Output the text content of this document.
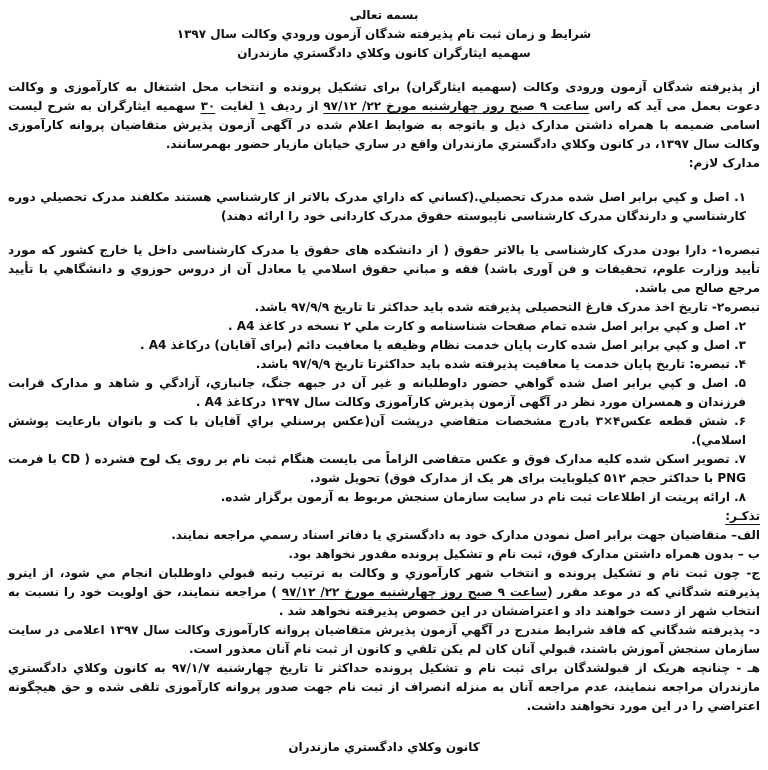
بسمه تعالی
شرایط و زمان ثبت نام پذیرفته شدگان آزمون ورودي وکالت سال ۱۳۹۷
سهمیه ایثارگران کانون وکلاي دادگستري مازندران

از پذیرفته شدگان آزمون ورودی وکالت (سهمیه ایثارگران) برای تشکیل پرونده و انتخاب محل اشتغال به کارآموزی و وکالت دعوت بعمل می آید که راس ساعت ۹ صبح روز چهارشنبه مورخ ۲۲/ ۹۷/۱۲ از ردیف ۱ لغایت ۳۰ سهمیه ایثارگران به شرح لیست اسامی ضمیمه با همراه داشتن مدارک ذیل و باتوجه به ضوابط اعلام شده در آگهی آزمون پذیرش متقاضیان پروانه کارآموزی وکالت سال ۱۳۹۷، در کانون وکلاي دادگستري مازندران واقع در ساري خیابان مازیار حضور بهمرسانند.

مدارک لازم:

۱. اصل و کپي برابر اصل شده مدرک تحصیلي.(کساني که داراي مدرک بالاتر از کارشناسي هستند مکلفند مدرک تحصیلي دوره کارشناسي و دارندگان مدرک کارشناسی ناپیوسته حقوق مدرک کاردانی خود را ارائه دهند)

تبصره۱- دارا بودن مدرک کارشناسی یا بالاتر حقوق ( از دانشکده های حقوق یا مدرک کارشناسی داخل یا خارج کشور که مورد تأیید وزارت علوم، تحقیقات و فن آوری باشد) فقه و مباني حقوق اسلامي یا معادل آن از دروس حوزوي و دانشگاهي با تأیید مرجع صالح می باشد.

تبصره۲- تاریخ اخذ مدرک فارغ التحصیلی پذیرفته شده باید حداکثر تا تاریخ ۹۷/۹/۹ باشد.

۲. اصل و کپي برابر اصل شده تمام صفحات شناسنامه و کارت ملي ۲ نسخه در کاغذ A4 .

۳. اصل و کپي برابر اصل شده کارت پایان خدمت نظام وظیفه یا معافیت دائم (برای آقایان) درکاغذ A4 .

۴. تبصره: تاریخ پایان خدمت یا معافیت پذیرفته شده باید حداکثرتا تاریخ ۹۷/۹/۹ باشد.

۵. اصل و کپي برابر اصل شده گواهي حضور داوطلبانه و غیر آن در جبهه جنگ، جانبازي، آزادگي و شاهد و مدارک قرابت فرزندان و همسران مورد نظر در آگهی آزمون پذیرش کارآموزی وکالت سال ۱۳۹۷ درکاغذ A4 .

۶. شش قطعه عکس۴×۳ بادرج مشخصات متقاضي درپشت آن(عکس پرسنلي براي آقایان با کت و بانوان بارعایت پوشش اسلامي).

۷. تصویر اسکن شده کلیه مدارک فوق و عکس متقاضی الزاماً می بایست هنگام ثبت نام بر روی یک لوح فشرده ( CD با فرمت PNG با حداکثر حجم ۵۱۲ کیلوبایت برای هر یک از مدارک فوق) تحویل شود.

۸. ارائه پرینت از اطلاعات ثبت نام در سایت سازمان سنجش مربوط به آزمون برگزار شده.

تذکـر:

الف– متقاضیان جهت برابر اصل نمودن مدارک خود به دادگستري یا دفاتر اسناد رسمي مراجعه نمایند.

ب – بدون همراه داشتن مدارک فوق، ثبت نام و تشکیل پرونده مقدور نخواهد بود.

ج- چون ثبت نام و تشکیل پرونده و انتخاب شهر کارآموزي و وکالت به ترتیب رتبه قبولي داوطلبان انجام مي شود، از اینرو پذیرفته شدگاني که در موعد مقرر (ساعت ۹ صبح روز چهارشنبه مورخ ۲۲/ ۹۷/۱۲ ) مراجعه ننمایند، حق اولویت خود را نسبت به انتخاب شهر از دست خواهند داد و اعتراضشان در این خصوص پذیرفته نخواهد شد .

د- پذیرفته شدگاني که فاقد شرایط مندرج در آگهي آزمون پذیرش متقاضیان پروانه کارآموزی وکالت سال ۱۳۹۷ اعلامی در سایت سازمان سنجش آموزش باشند، قبولي آنان کان لم یکن تلقي و کانون از ثبت نام آنان معذور است.

هـ - چنانچه هریک از قبولشدگان برای ثبت نام و تشکیل پرونده حداکثر تا تاریخ چهارشنبه ۹۷/۱/۷ به کانون وکلاي دادگستري مازندران مراجعه ننمایند، عدم مراجعه آنان به منزله انصراف از ثبت نام جهت صدور پروانه کارآموزی تلقی شده و حق هیچگونه اعتراضي را در این مورد نخواهند داشت.

کانون وکلاي دادگستري مازندران
